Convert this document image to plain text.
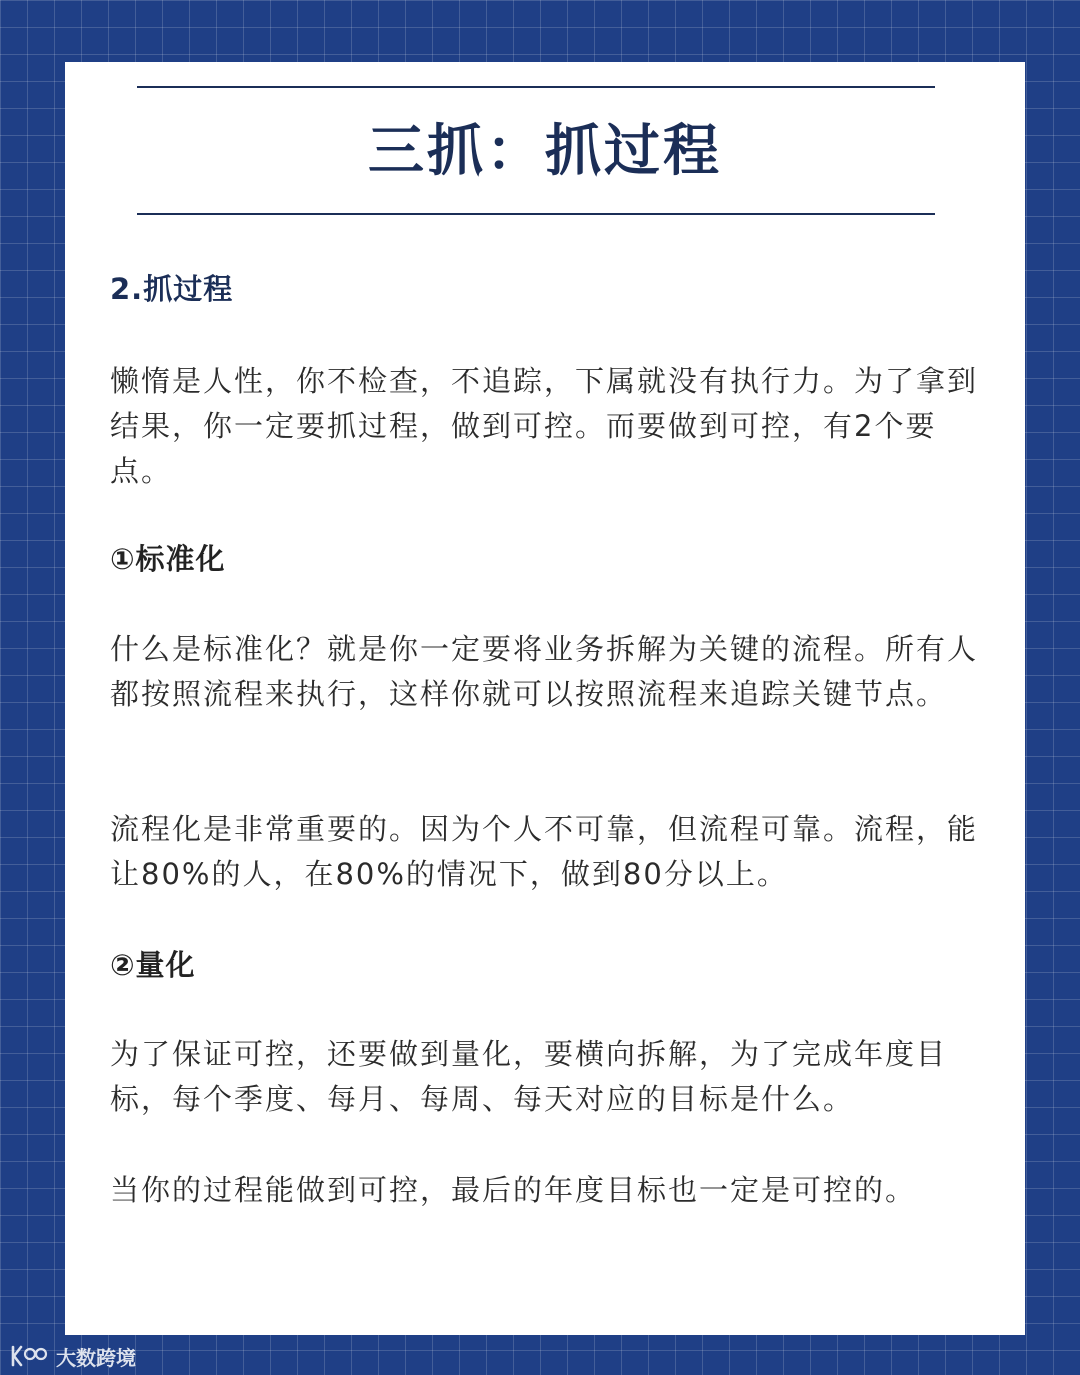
三抓：抓过程
2.抓过程
懒惰是人性，你不检查，不追踪，下属就没有执行力。为了拿到结果，你一定要抓过程，做到可控。而要做到可控，有2个要点。
①标准化
什么是标准化？就是你一定要将业务拆解为关键的流程。所有人都按照流程来执行，这样你就可以按照流程来追踪关键节点。
流程化是非常重要的。因为个人不可靠，但流程可靠。流程，能让80%的人，在80%的情况下，做到80分以上。
②量化
为了保证可控，还要做到量化，要横向拆解，为了完成年度目标，每个季度、每月、每周、每天对应的目标是什么。
当你的过程能做到可控，最后的年度目标也一定是可控的。
大数跨境
